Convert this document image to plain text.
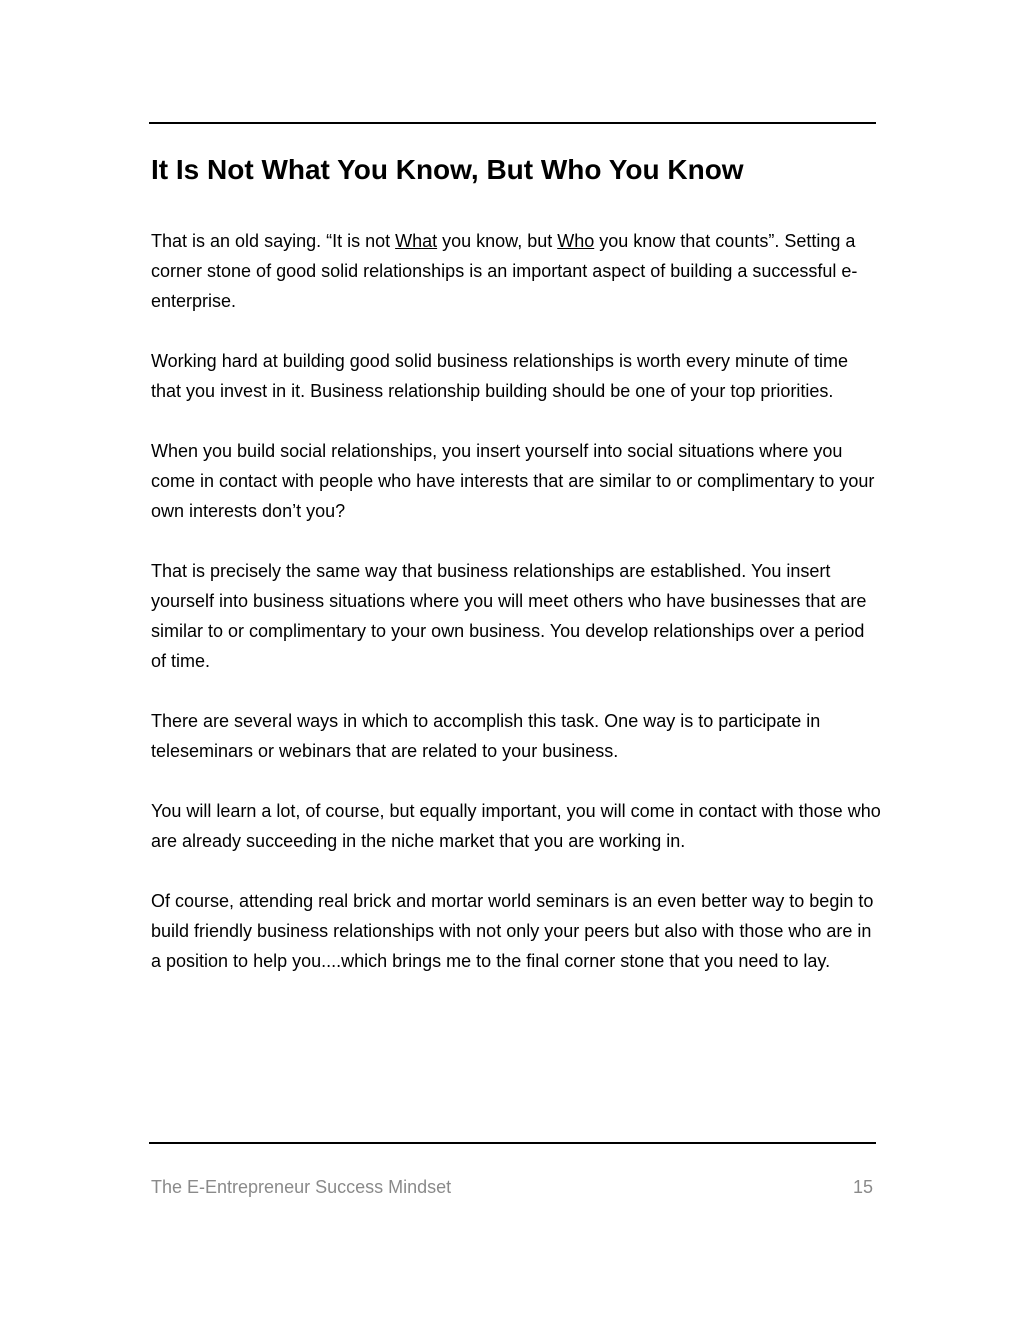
It Is Not What You Know, But Who You Know

That is an old saying. “It is not What you know, but Who you know that counts”. Setting a corner stone of good solid relationships is an important aspect of building a successful e-enterprise.

Working hard at building good solid business relationships is worth every minute of time that you invest in it. Business relationship building should be one of your top priorities.

When you build social relationships, you insert yourself into social situations where you come in contact with people who have interests that are similar to or complimentary to your own interests don’t you?

That is precisely the same way that business relationships are established. You insert yourself into business situations where you will meet others who have businesses that are similar to or complimentary to your own business. You develop relationships over a period of time.

There are several ways in which to accomplish this task. One way is to participate in teleseminars or webinars that are related to your business.

You will learn a lot, of course, but equally important, you will come in contact with those who are already succeeding in the niche market that you are working in.

Of course, attending real brick and mortar world seminars is an even better way to begin to build friendly business relationships with not only your peers but also with those who are in a position to help you....which brings me to the final corner stone that you need to lay.

The E-Entrepreneur Success Mindset	15
